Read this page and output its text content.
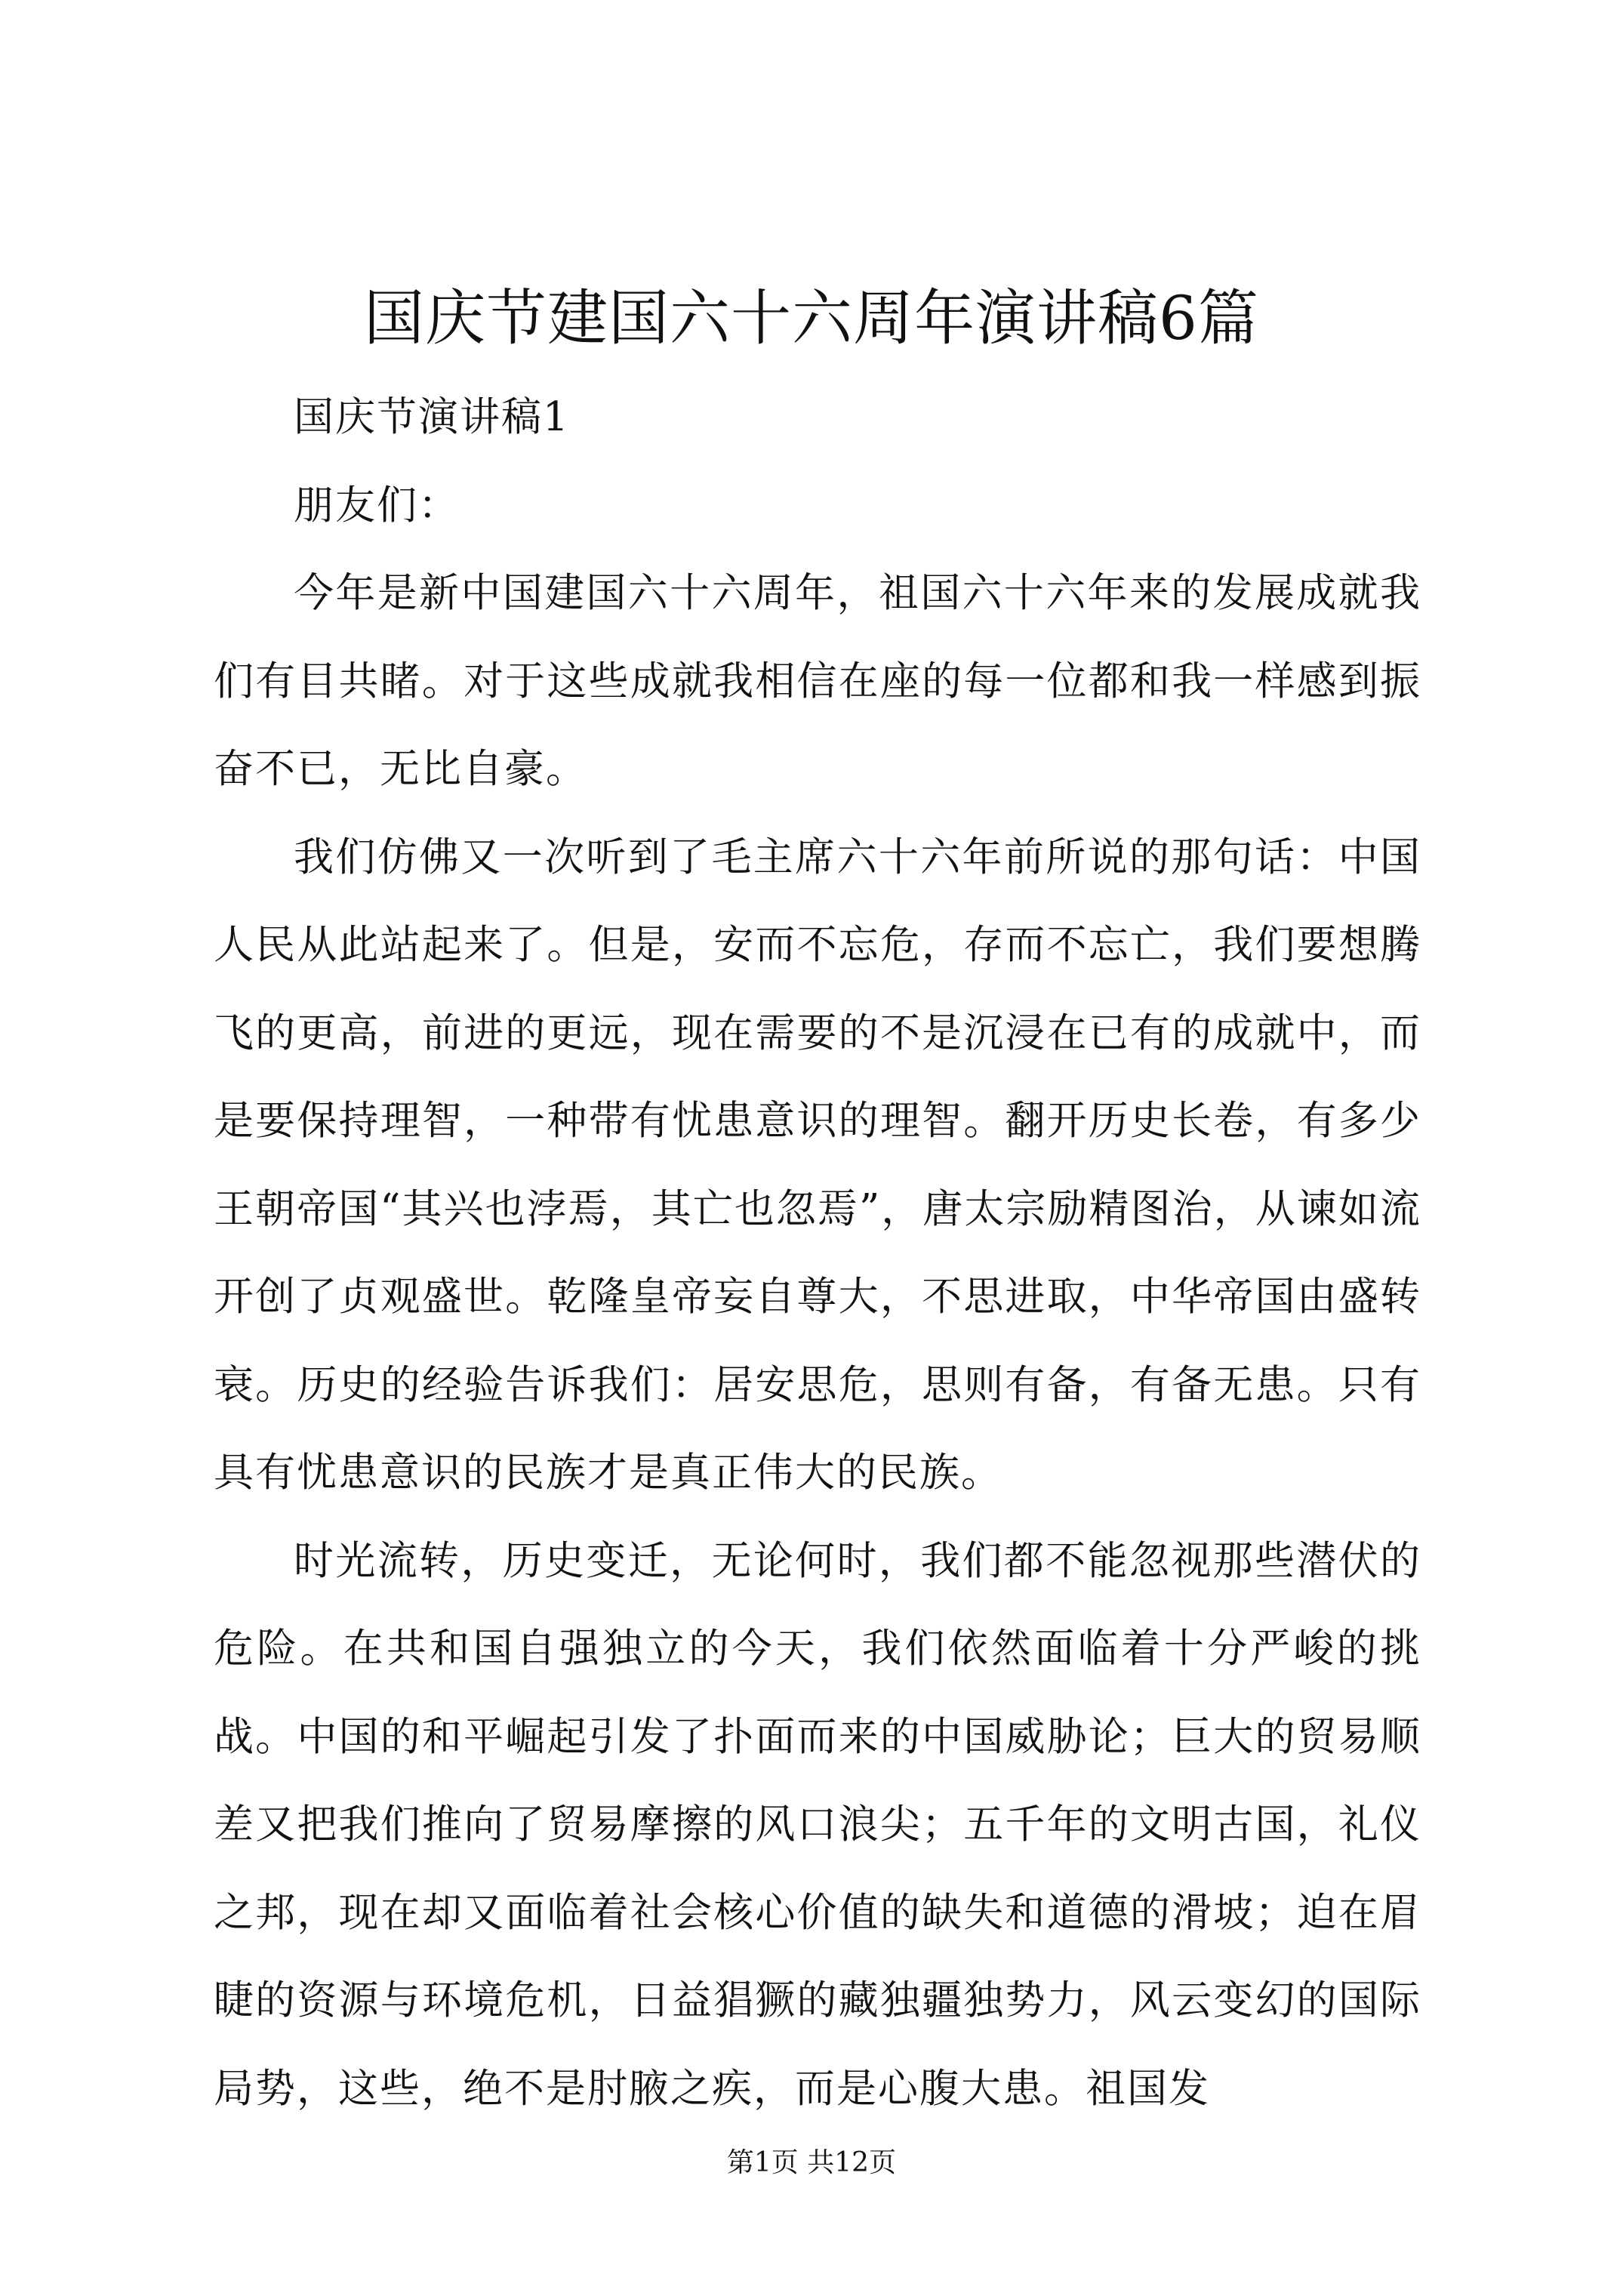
国庆节建国六十六周年演讲稿6篇

国庆节演讲稿1

朋友们：

今年是新中国建国六十六周年，祖国六十六年来的发展成就我们有目共睹。对于这些成就我相信在座的每一位都和我一样感到振奋不已，无比自豪。

我们仿佛又一次听到了毛主席六十六年前所说的那句话：中国人民从此站起来了。但是，安而不忘危，存而不忘亡，我们要想腾飞的更高，前进的更远，现在需要的不是沉浸在已有的成就中，而是要保持理智，一种带有忧患意识的理智。翻开历史长卷，有多少王朝帝国“其兴也浡焉，其亡也忽焉”，唐太宗励精图治，从谏如流开创了贞观盛世。乾隆皇帝妄自尊大，不思进取，中华帝国由盛转衰。历史的经验告诉我们：居安思危，思则有备，有备无患。只有具有忧患意识的民族才是真正伟大的民族。

时光流转，历史变迁，无论何时，我们都不能忽视那些潜伏的危险。在共和国自强独立的今天，我们依然面临着十分严峻的挑战。中国的和平崛起引发了扑面而来的中国威胁论；巨大的贸易顺差又把我们推向了贸易摩擦的风口浪尖；五千年的文明古国，礼仪之邦，现在却又面临着社会核心价值的缺失和道德的滑坡；迫在眉睫的资源与环境危机，日益猖獗的藏独疆独势力，风云变幻的国际局势，这些，绝不是肘腋之疾，而是心腹大患。祖国发

第1页 共12页
